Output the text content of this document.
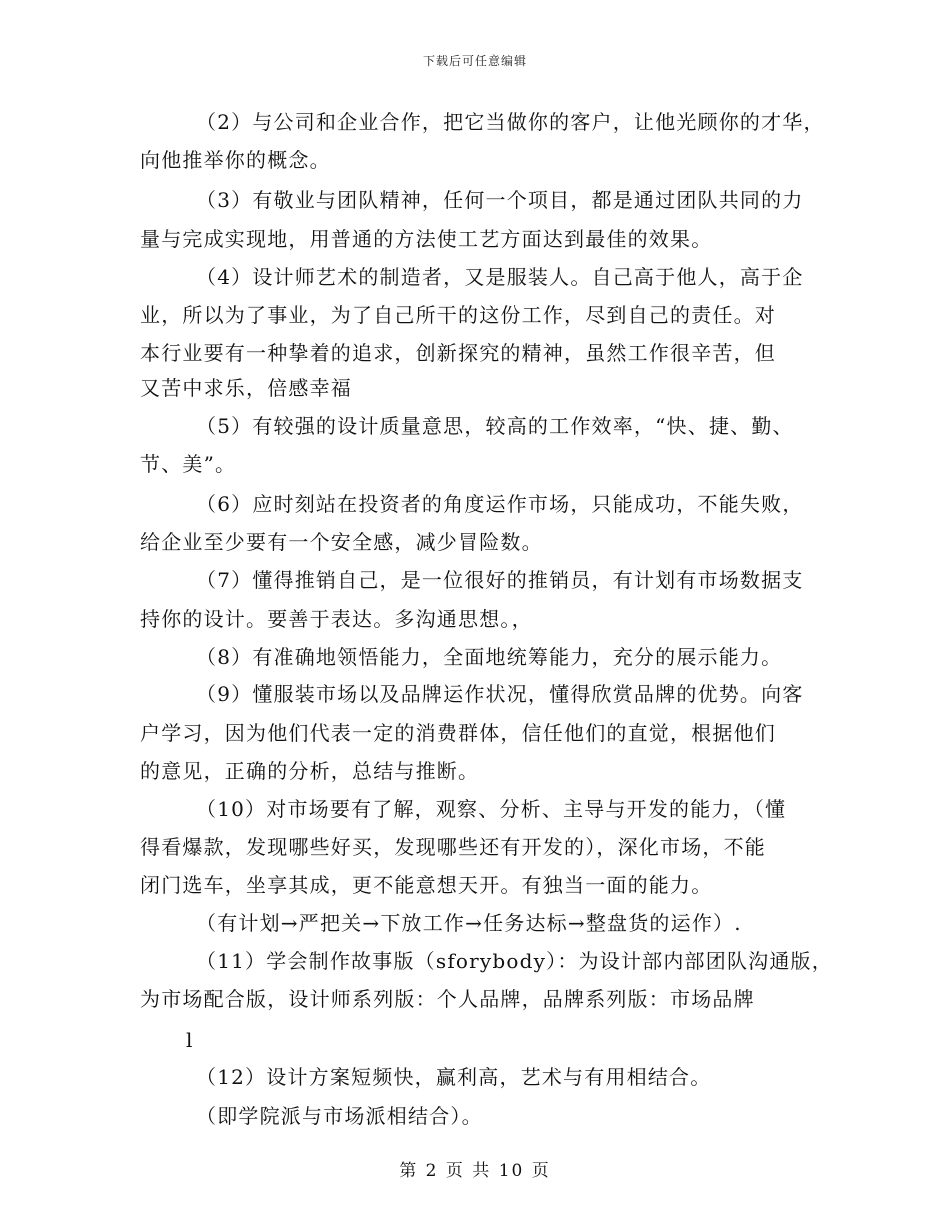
下载后可任意编辑
（2）与公司和企业合作，把它当做你的客户，让他光顾你的才华，
向他推举你的概念。
（3）有敬业与团队精神，任何一个项目，都是通过团队共同的力
量与完成实现地，用普通的方法使工艺方面达到最佳的效果。
（4）设计师艺术的制造者，又是服装人。自己高于他人，高于企
业，所以为了事业，为了自己所干的这份工作，尽到自己的责任。对
本行业要有一种挚着的追求，创新探究的精神，虽然工作很辛苦，但
又苦中求乐，倍感幸福
（5）有较强的设计质量意思，较高的工作效率，“快、捷、勤、
节、美”。
（6）应时刻站在投资者的角度运作市场，只能成功，不能失败，
给企业至少要有一个安全感，减少冒险数。
（7）懂得推销自己，是一位很好的推销员，有计划有市场数据支
持你的设计。要善于表达。多沟通思想。，
（8）有准确地领悟能力，全面地统筹能力，充分的展示能力。
（9）懂服装市场以及品牌运作状况，懂得欣赏品牌的优势。向客
户学习，因为他们代表一定的消费群体，信任他们的直觉，根据他们
的意见，正确的分析，总结与推断。
（10）对市场要有了解，观察、分析、主导与开发的能力，（懂
得看爆款，发现哪些好买，发现哪些还有开发的），深化市场，不能
闭门选车，坐享其成，更不能意想天开。有独当一面的能力。
（有计划→严把关→下放工作→任务达标→整盘货的运作）.
（11）学会制作故事版（sforybody）：为设计部内部团队沟通版，
为市场配合版，设计师系列版：个人品牌，品牌系列版：市场品牌
l
（12）设计方案短频快，赢利高，艺术与有用相结合。
（即学院派与市场派相结合）。
第 2 页 共 10 页
